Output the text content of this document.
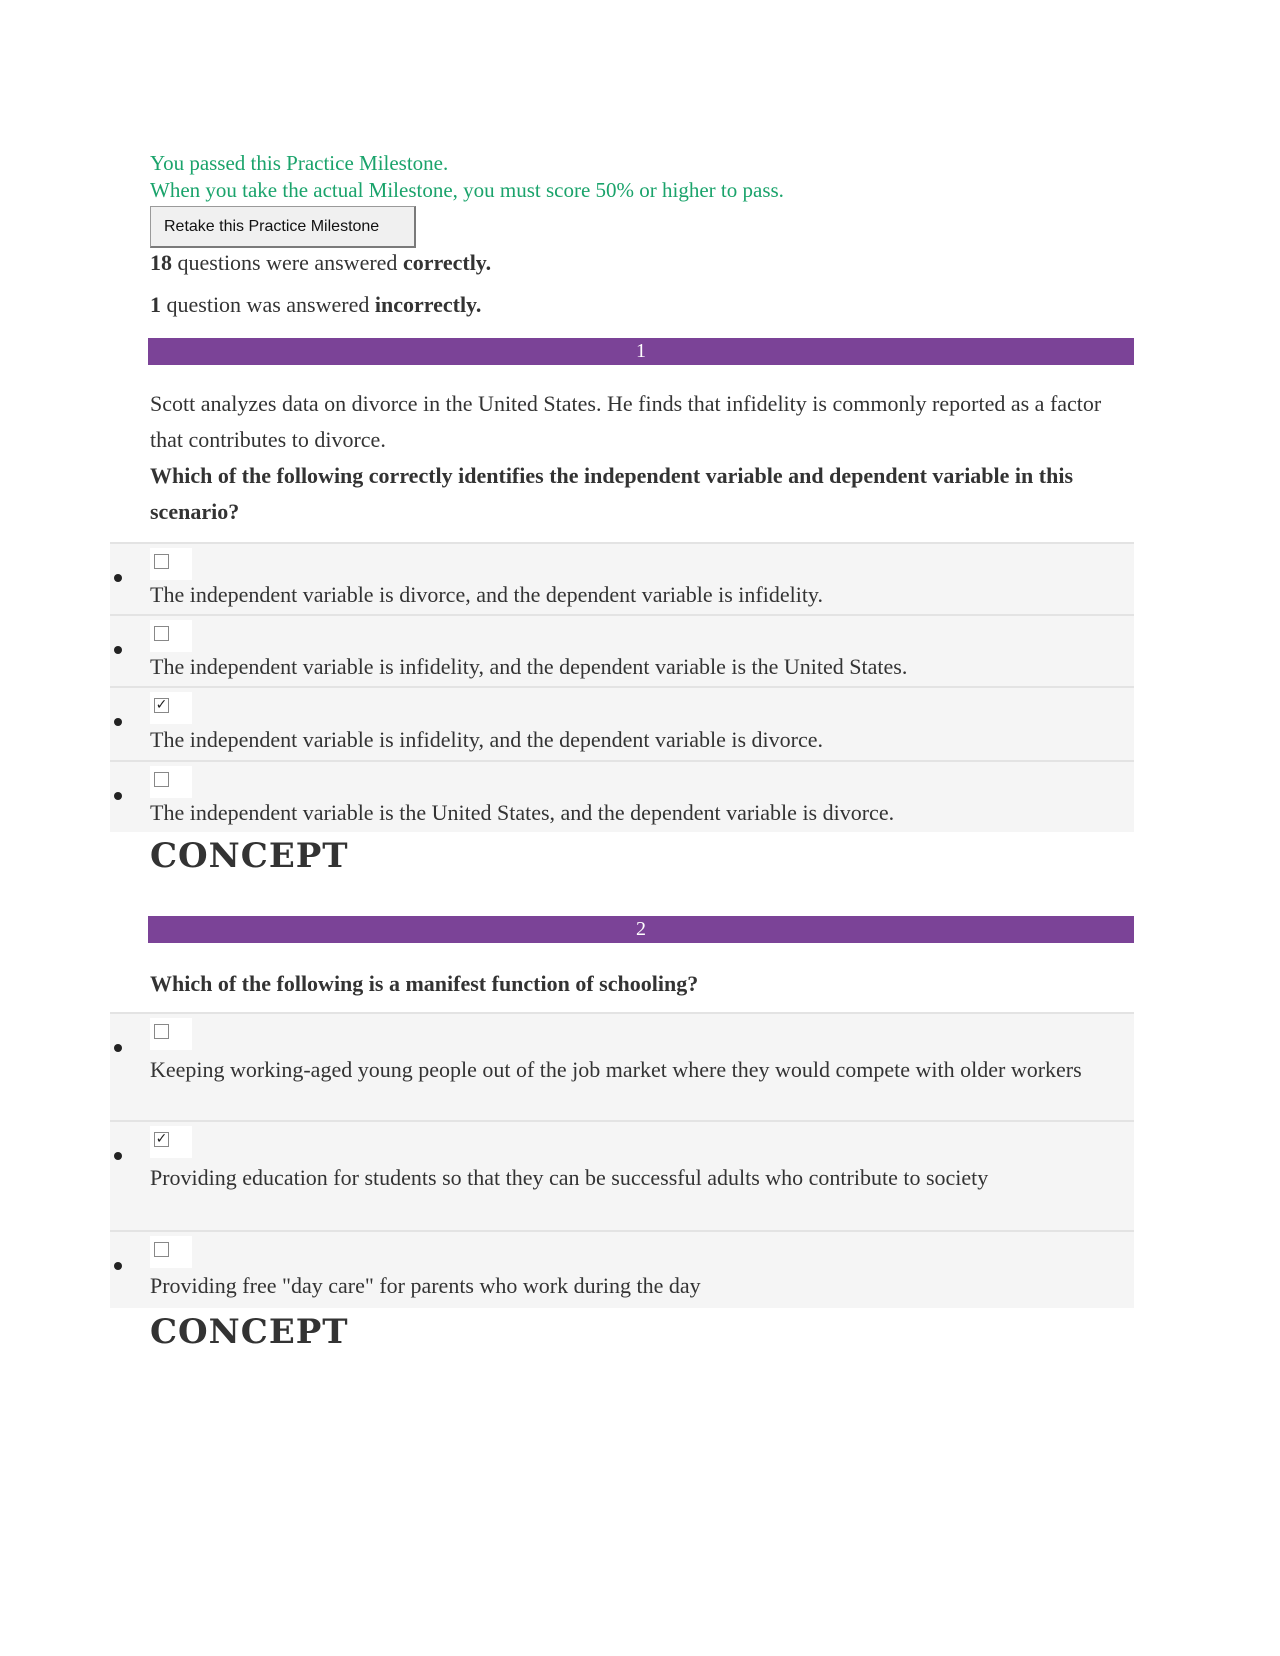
You passed this Practice Milestone.
When you take the actual Milestone, you must score 50% or higher to pass.
Retake this Practice Milestone
18 questions were answered correctly.
1 question was answered incorrectly.
1
Scott analyzes data on divorce in the United States. He finds that infidelity is commonly reported as a factor that contributes to divorce.
Which of the following correctly identifies the independent variable and dependent variable in this scenario?
The independent variable is divorce, and the dependent variable is infidelity.
The independent variable is infidelity, and the dependent variable is the United States.
✓
The independent variable is infidelity, and the dependent variable is divorce.
The independent variable is the United States, and the dependent variable is divorce.
CONCEPT
2
Which of the following is a manifest function of schooling?
Keeping working-aged young people out of the job market where they would compete with older workers
✓
Providing education for students so that they can be successful adults who contribute to society
Providing free "day care" for parents who work during the day
CONCEPT
